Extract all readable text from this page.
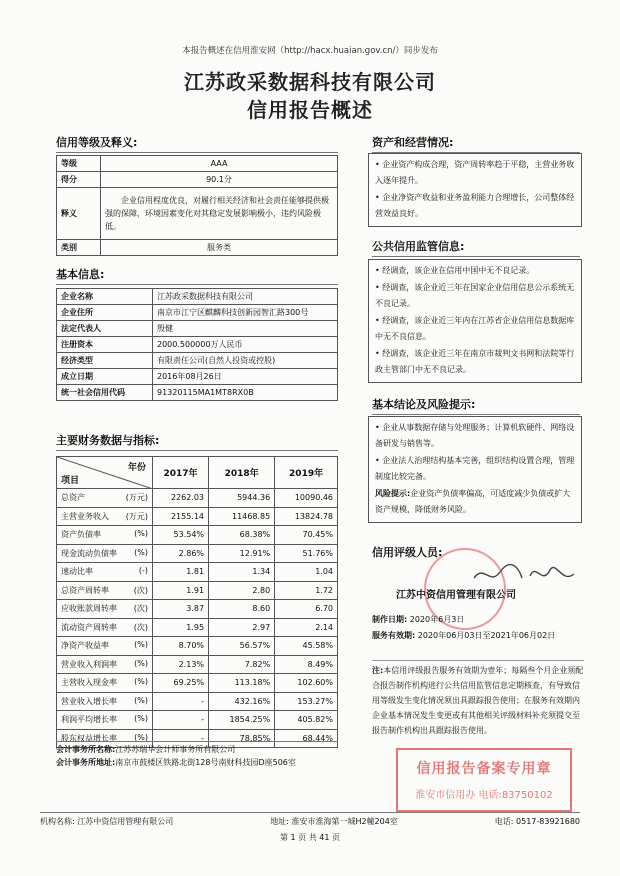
本报告概述在信用淮安网（http://hacx.huaian.gov.cn/）同步发布
江苏政采数据科技有限公司
信用报告概述
信用等级及释义:
等级	AAA
得分	90.1分
释义	企业信用程度优良，对履行相关经济和社会责任能够提供极强的保障，环境因素变化对其稳定发展影响极小，违约风险极低。
类别	服务类
基本信息:
企业名称	江苏政采数据科技有限公司
企业住所	南京市江宁区麒麟科技创新园智汇路300号
法定代表人	殷健
注册资本	2000.500000万人民币
经济类型	有限责任公司(自然人投资或控股)
成立日期	2016年08月26日
统一社会信用代码	91320115MA1MT8RX0B
主要财务数据与指标:
年份
项目	2017年	2018年	2019年
总资产 (万元)	2262.03	5944.36	10090.46
主营业务收入 (万元)	2155.14	11468.85	13824.78
资产负债率 (%)	53.54%	68.38%	70.45%
现金流动负债率 (%)	2.86%	12.91%	51.76%
速动比率 (-)	1.81	1.34	1.04
总资产周转率 (次)	1.91	2.80	1.72
应收账款周转率 (次)	3.87	8.60	6.70
流动资产周转率 (次)	1.95	2.97	2.14
净资产收益率 (%)	8.70%	56.57%	45.58%
营业收入利润率 (%)	2.13%	7.82%	8.49%
主营收入现金率 (%)	69.25%	113.18%	102.60%
营业收入增长率 (%)	-	432.16%	153.27%
利润平均增长率 (%)	-	1854.25%	405.82%
股东权益增长率 (%)	-	78.85%	68.44%
会计事务所名称:江苏苏瑞华会计师事务所有限公司
会计事务所地址:南京市鼓楼区铁路北街128号南财科技园D座506室
资产和经营情况:

• 企业资产构成合理，资产周转率趋于平稳，主营业务收入逐年提升。

• 企业净资产收益和业务盈利能力合理增长，公司整体经营效益良好。

公共信用监管信息:

• 经调查，该企业在信用中国中无不良记录。

• 经调查，该企业近三年在国家企业信用信息公示系统无不良记录。

• 经调查，该企业近三年内在江苏省企业信用信息数据库中无不良信息。

• 经调查，该企业近三年在南京市裁判文书网和法院等行政主管部门中无不良记录。

基本结论及风险提示:

• 企业从事数据存储与处理服务；计算机软硬件、网络设备研发与销售等。

• 企业法人治理结构基本完善，组织结构设置合理，管理制度比较完备。

风险提示:企业资产负债率偏高，可适度减少负债或扩大资产规模，降低财务风险。

信用评级人员:
江苏中资信用管理有限公司
制作日期: 2020年6月3日
服务有效期: 2020年06月03日至2021年06月02日
注:本信用评级报告服务有效期为壹年；每隔叁个月企业须配合报告制作机构进行公共信用监管信息定期核查，有导致信用等级发生变化情况须出具跟踪报告使用；在服务有效期内企业基本情况发生变更或有其他相关评级材料补充须提交至报告制作机构出具跟踪报告使用。
信用报告备案专用章
淮安市信用办 电话:83750102
机构名称: 江苏中资信用管理有限公司	地址: 淮安市淮海第一城H2幢204室	电话: 0517-83921680
第 1 页 共 41 页
